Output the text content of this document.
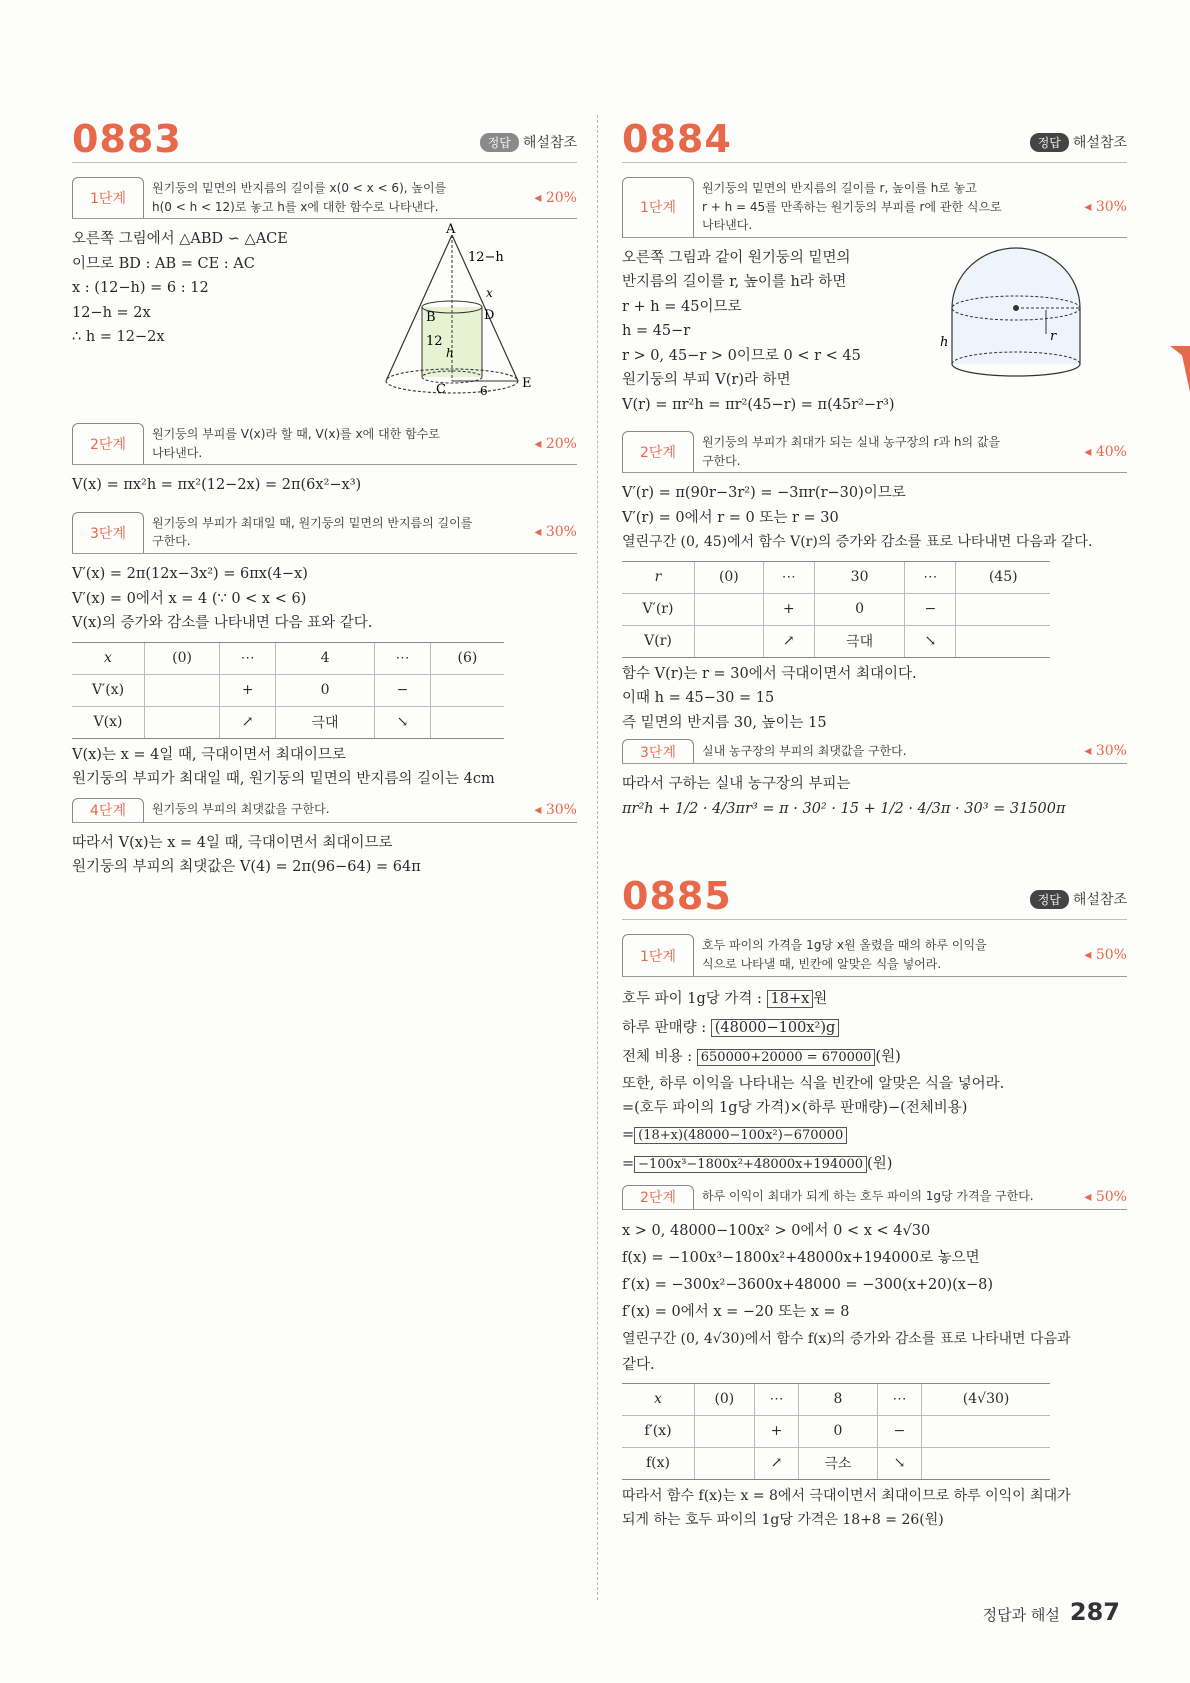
0883	정답 해설참조
1단계
원기둥의 밑면의 반지름의 길이를 x(0 < x < 6), 높이를
h(0 < h < 12)로 놓고 h를 x에 대한 함수로 나타낸다.
◂ 20%
오른쪽 그림에서 △ABD ∽ △ACE
이므로 BD : AB = CE : AC
x : (12−h) = 6 : 12
12−h = 2x
∴ h = 12−2x
A
12−h
x
B	D
12
h
C	6	E
2단계
원기둥의 부피를 V(x)라 할 때, V(x)를 x에 대한 함수로
나타낸다.
◂ 20%
V(x) = πx²h = πx²(12−2x) = 2π(6x²−x³)
3단계
원기둥의 부피가 최대일 때, 원기둥의 밑면의 반지름의 길이를
구한다.
◂ 30%
V′(x) = 2π(12x−3x²) = 6πx(4−x)
V′(x) = 0에서 x = 4 (∵ 0 < x < 6)
V(x)의 증가와 감소를 나타내면 다음 표와 같다.
x	(0)	⋯	4	⋯	(6)
V′(x)		+	0	−	
V(x)		↗	극대	↘	
V(x)는 x = 4일 때, 극대이면서 최대이므로
원기둥의 부피가 최대일 때, 원기둥의 밑면의 반지름의 길이는 4cm
4단계	원기둥의 부피의 최댓값을 구한다.	◂ 30%
따라서 V(x)는 x = 4일 때, 극대이면서 최대이므로
원기둥의 부피의 최댓값은 V(4) = 2π(96−64) = 64π
0884	정답 해설참조
1단계
원기둥의 밑면의 반지름의 길이를 r, 높이를 h로 놓고
r + h = 45를 만족하는 원기둥의 부피를 r에 관한 식으로
나타낸다.
◂ 30%
오른쪽 그림과 같이 원기둥의 밑면의
반지름의 길이를 r, 높이를 h라 하면
r + h = 45이므로
h = 45−r
r > 0, 45−r > 0이므로 0 < r < 45
원기둥의 부피 V(r)라 하면
V(r) = πr²h = πr²(45−r) = π(45r²−r³)
h	r
2단계
원기둥의 부피가 최대가 되는 실내 농구장의 r과 h의 값을
구한다.
◂ 40%
V′(r) = π(90r−3r²) = −3πr(r−30)이므로
V′(r) = 0에서 r = 0 또는 r = 30
열린구간 (0, 45)에서 함수 V(r)의 증가와 감소를 표로 나타내면 다음과 같다.
r	(0)	⋯	30	⋯	(45)
V′(r)		+	0	−	
V(r)		↗	극대	↘	
함수 V(r)는 r = 30에서 극대이면서 최대이다.
이때 h = 45−30 = 15
즉 밑면의 반지름 30, 높이는 15
3단계	실내 농구장의 부피의 최댓값을 구한다.	◂ 30%
따라서 구하는 실내 농구장의 부피는
πr²h + 1/2 · 4/3πr³ = π · 30² · 15 + 1/2 · 4/3π · 30³ = 31500π
0885	정답 해설참조
1단계
호두 파이의 가격을 1g당 x원 올렸을 때의 하루 이익을
식으로 나타낼 때, 빈칸에 알맞은 식을 넣어라.
◂ 50%
호두 파이 1g당 가격 : 18+x 원
하루 판매량 : (48000−100x²)g
전체 비용 : 650000+20000 = 670000 (원)
또한, 하루 이익을 나타내는 식을 빈칸에 알맞은 식을 넣어라.
=(호두 파이의 1g당 가격)×(하루 판매량)−(전체비용)
= (18+x)(48000−100x²)−670000
= −100x³−1800x²+48000x+194000 (원)
2단계	하루 이익이 최대가 되게 하는 호두 파이의 1g당 가격을 구한다.	◂ 50%
x > 0, 48000−100x² > 0에서 0 < x < 4√30
f(x) = −100x³−1800x²+48000x+194000로 놓으면
f′(x) = −300x²−3600x+48000 = −300(x+20)(x−8)
f′(x) = 0에서 x = −20 또는 x = 8
열린구간 (0, 4√30)에서 함수 f(x)의 증가와 감소를 표로 나타내면 다음과
같다.
x	(0)	⋯	8	⋯	(4√30)
f′(x)		+	0	−	
f(x)		↗	극소	↘	
따라서 함수 f(x)는 x = 8에서 극대이면서 최대이므로 하루 이익이 최대가
되게 하는 호두 파이의 1g당 가격은 18+8 = 26(원)
정답과 해설 287
